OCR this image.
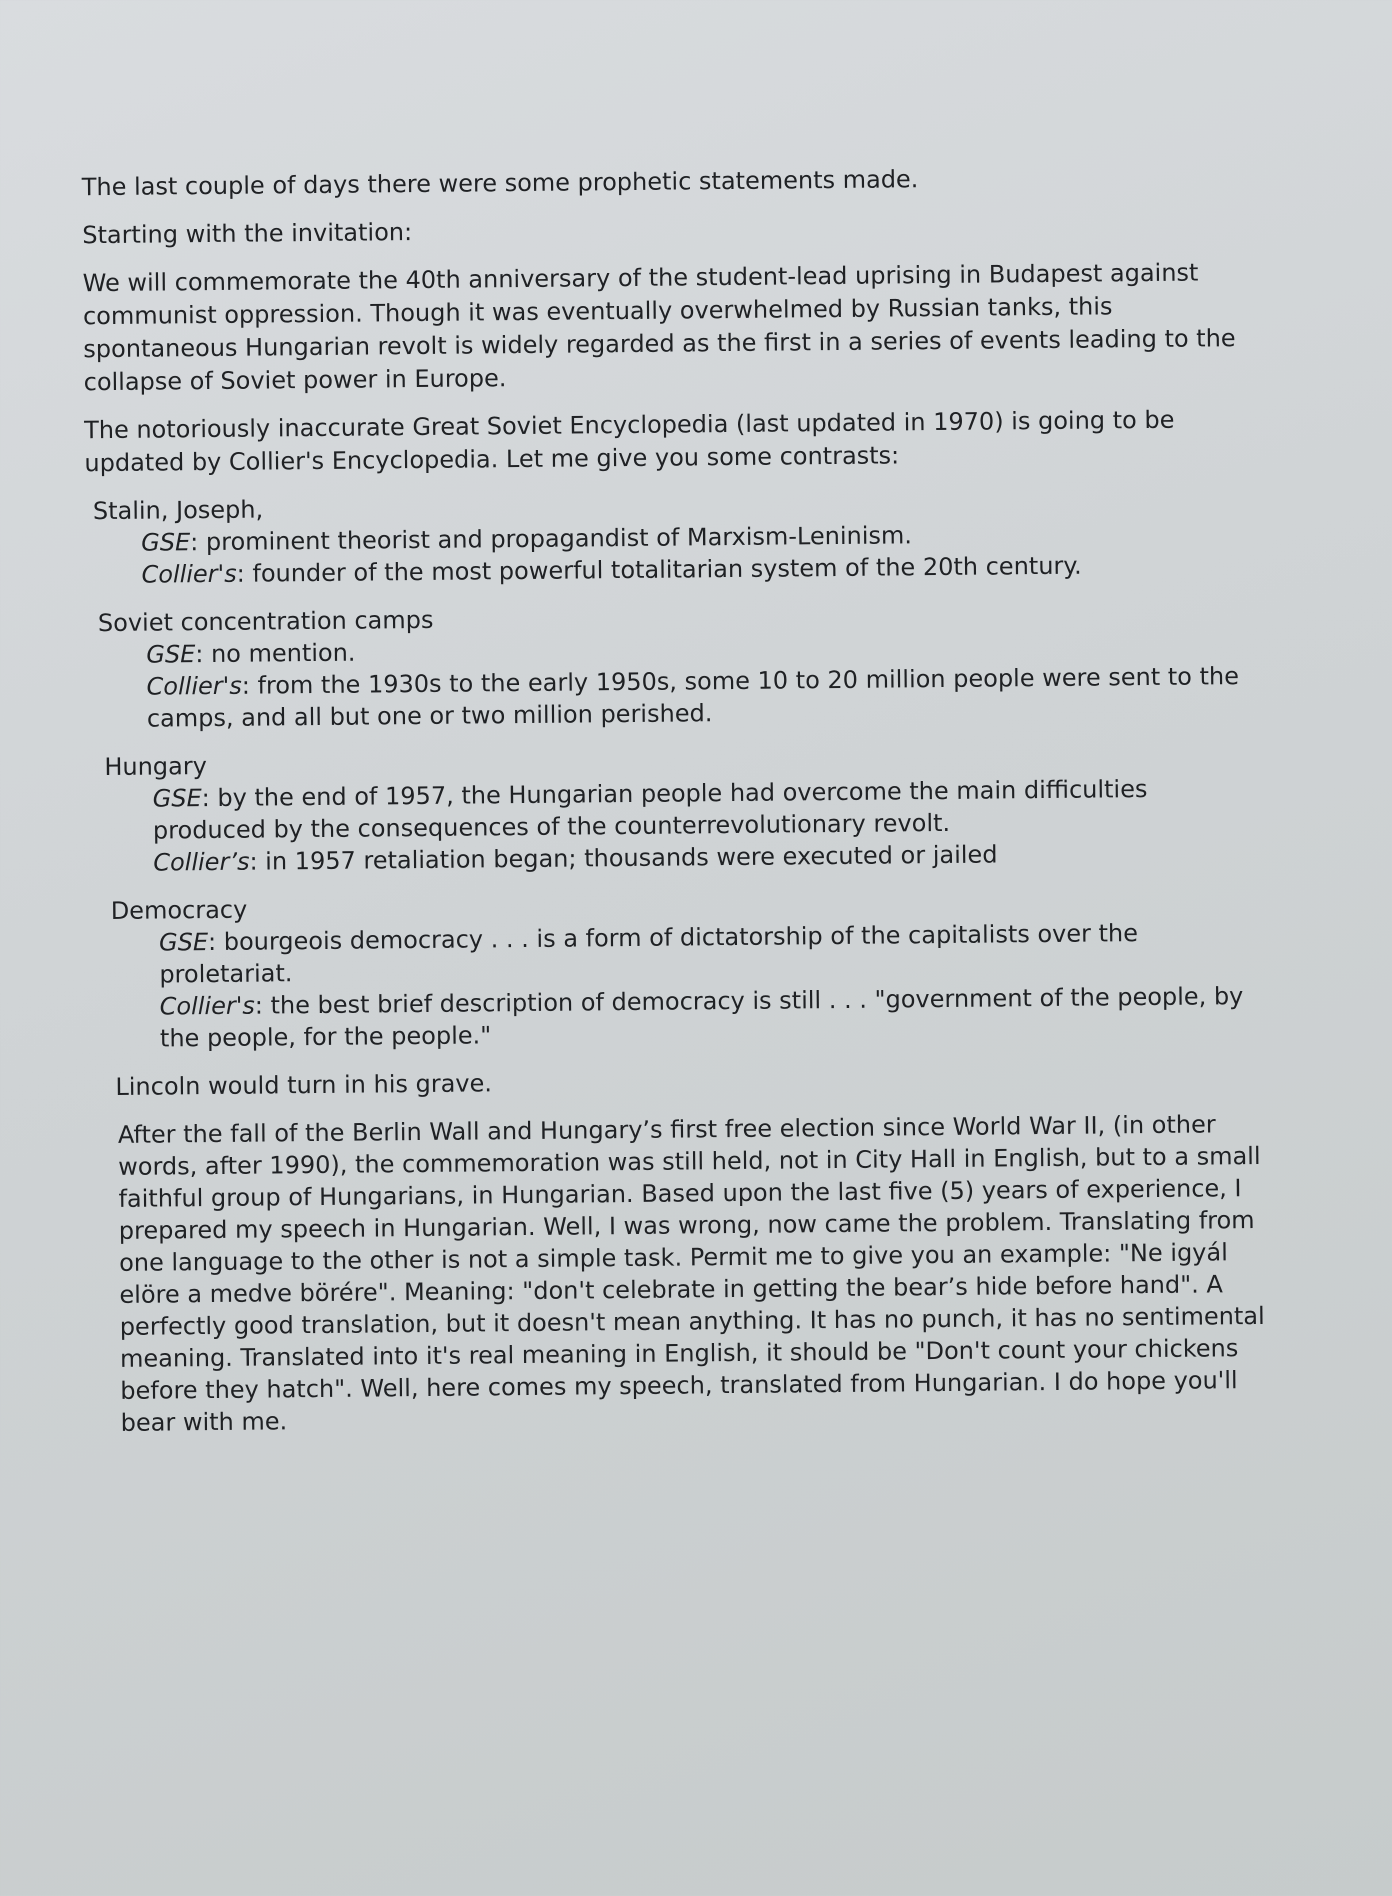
The last couple of days there were some prophetic statements made.

Starting with the invitation:

We will commemorate the 40th anniversary of the student-lead uprising in Budapest against communist oppression. Though it was eventually overwhelmed by Russian tanks, this spontaneous Hungarian revolt is widely regarded as the first in a series of events leading to the collapse of Soviet power in Europe.

The notoriously inaccurate Great Soviet Encyclopedia (last updated in 1970) is going to be updated by Collier's Encyclopedia. Let me give you some contrasts:

Stalin, Joseph,
GSE: prominent theorist and propagandist of Marxism-Leninism.
Collier's: founder of the most powerful totalitarian system of the 20th century.
Soviet concentration camps
GSE: no mention.
Collier's: from the 1930s to the early 1950s, some 10 to 20 million people were sent to the camps, and all but one or two million perished.
Hungary
GSE: by the end of 1957, the Hungarian people had overcome the main difficulties produced by the consequences of the counterrevolutionary revolt.
Collier’s: in 1957 retaliation began; thousands were executed or jailed
Democracy
GSE: bourgeois democracy . . . is a form of dictatorship of the capitalists over the proletariat.
Collier's: the best brief description of democracy is still . . . "government of the people, by the people, for the people."

Lincoln would turn in his grave.

After the fall of the Berlin Wall and Hungary’s first free election since World War II, (in other words, after 1990), the commemoration was still held, not in City Hall in English, but to a small faithful group of Hungarians, in Hungarian. Based upon the last five (5) years of experience, I prepared my speech in Hungarian. Well, I was wrong, now came the problem. Translating from one language to the other is not a simple task. Permit me to give you an example: "Ne igyál elöre a medve börére". Meaning: "don't celebrate in getting the bear’s hide before hand". A perfectly good translation, but it doesn't mean anything. It has no punch, it has no sentimental meaning. Translated into it's real meaning in English, it should be "Don't count your chickens before they hatch". Well, here comes my speech, translated from Hungarian. I do hope you'll bear with me.
